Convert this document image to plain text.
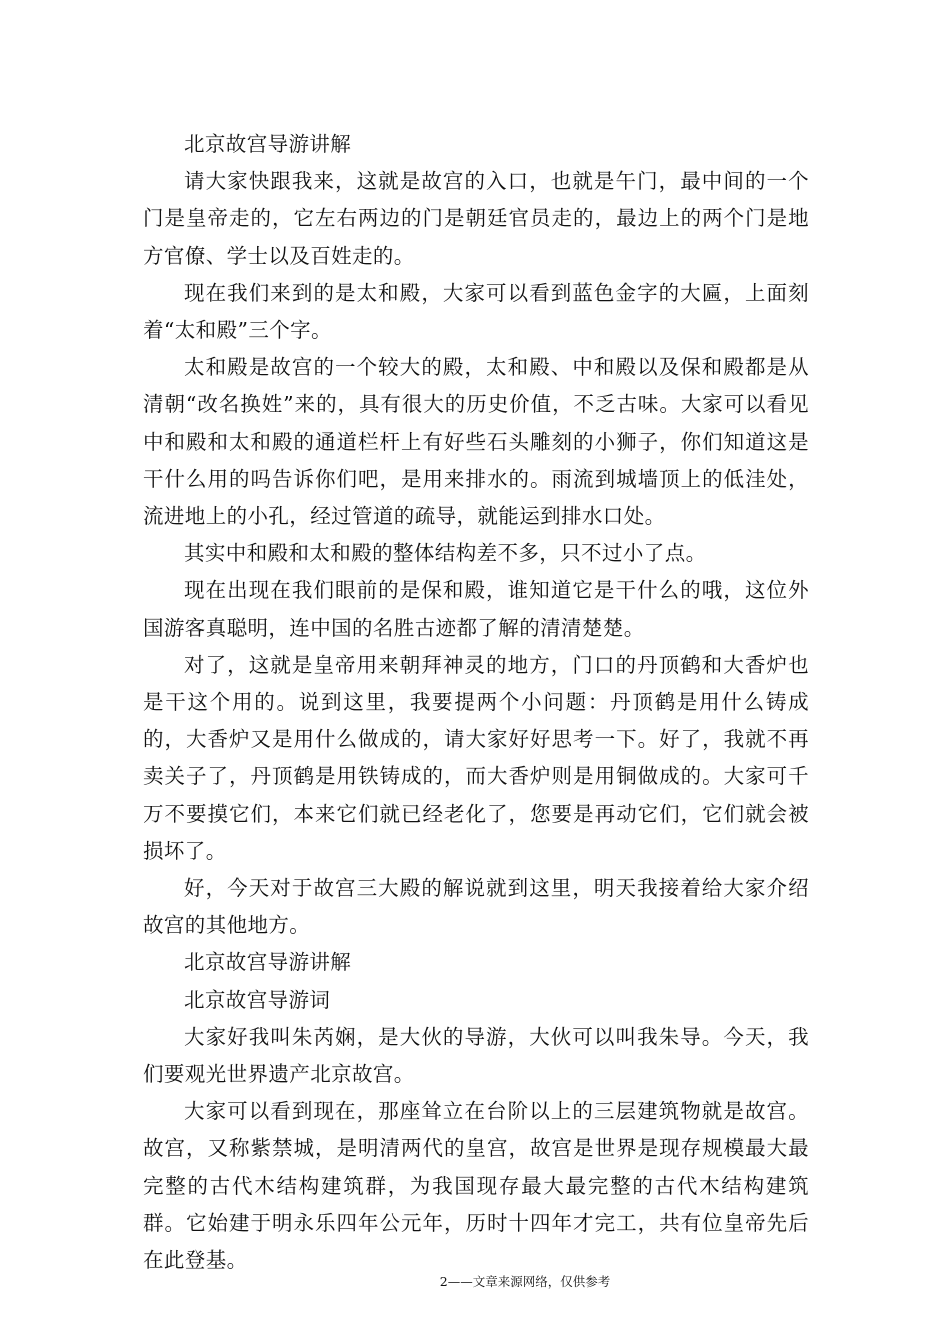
北京故宫导游讲解

请大家快跟我来，这就是故宫的入口，也就是午门，最中间的一个门是皇帝走的，它左右两边的门是朝廷官员走的，最边上的两个门是地方官僚、学士以及百姓走的。

现在我们来到的是太和殿，大家可以看到蓝色金字的大匾，上面刻着“太和殿”三个字。

太和殿是故宫的一个较大的殿，太和殿、中和殿以及保和殿都是从清朝“改名换姓”来的，具有很大的历史价值，不乏古味。大家可以看见中和殿和太和殿的通道栏杆上有好些石头雕刻的小狮子，你们知道这是干什么用的吗告诉你们吧，是用来排水的。雨流到城墙顶上的低洼处，流进地上的小孔，经过管道的疏导，就能运到排水口处。

其实中和殿和太和殿的整体结构差不多，只不过小了点。

现在出现在我们眼前的是保和殿，谁知道它是干什么的哦，这位外国游客真聪明，连中国的名胜古迹都了解的清清楚楚。

对了，这就是皇帝用来朝拜神灵的地方，门口的丹顶鹤和大香炉也是干这个用的。说到这里，我要提两个小问题：丹顶鹤是用什么铸成的，大香炉又是用什么做成的，请大家好好思考一下。好了，我就不再卖关子了，丹顶鹤是用铁铸成的，而大香炉则是用铜做成的。大家可千万不要摸它们，本来它们就已经老化了，您要是再动它们，它们就会被损坏了。

好，今天对于故宫三大殿的解说就到这里，明天我接着给大家介绍故宫的其他地方。

北京故宫导游讲解

北京故宫导游词

大家好我叫朱芮娴，是大伙的导游，大伙可以叫我朱导。今天，我们要观光世界遗产北京故宫。

大家可以看到现在，那座耸立在台阶以上的三层建筑物就是故宫。故宫，又称紫禁城，是明清两代的皇宫，故宫是世界是现存规模最大最完整的古代木结构建筑群，为我国现存最大最完整的古代木结构建筑群。它始建于明永乐四年公元年，历时十四年才完工，共有位皇帝先后在此登基。

2——文章来源网络，仅供参考
